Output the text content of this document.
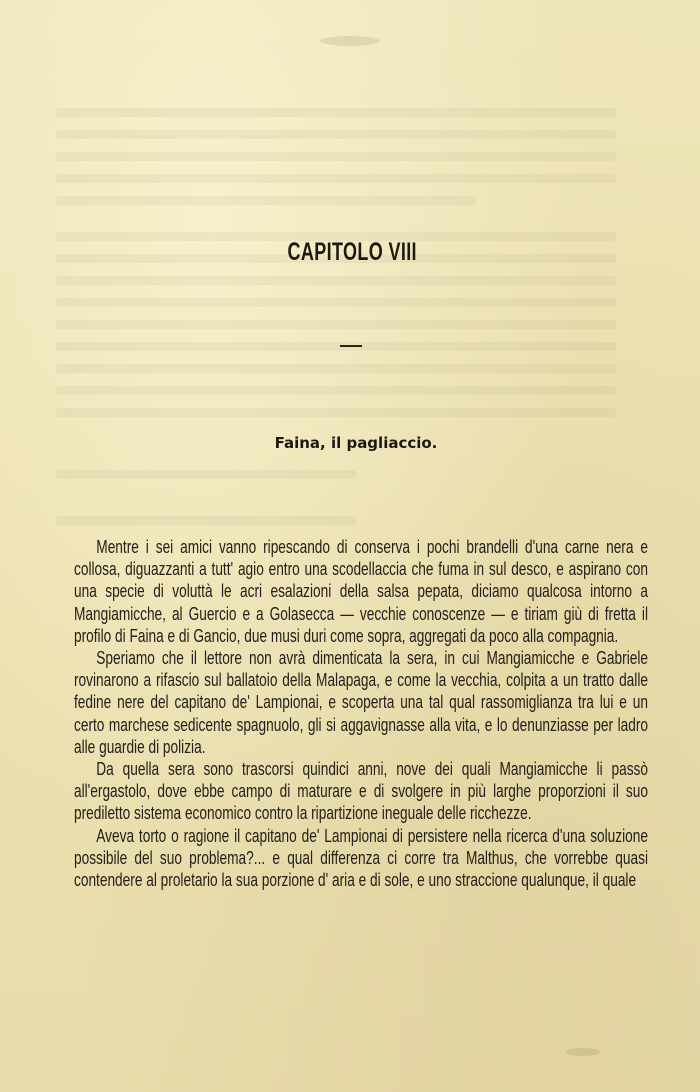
CAPITOLO VIII
Faina, il pagliaccio.

Mentre i sei amici vanno ripescando di conserva i pochi brandelli d'una carne nera e collosa, diguazzanti a tutt' agio entro una scodellaccia che fuma in sul desco, e aspirano con una specie di voluttà le acri esalazioni della salsa pepata, diciamo qualcosa intorno a Mangiamicche, al Guercio e a Golasecca — vecchie conoscenze — e tiriam giù di fretta il profilo di Faina e di Gancio, due musi duri come sopra, aggregati da poco alla compagnia.

Speriamo che il lettore non avrà dimenticata la sera, in cui Mangiamicche e Gabriele rovinarono a rifascio sul ballatoio della Malapaga, e come la vecchia, colpita a un tratto dalle fedine nere del capitano de' Lampionai, e scoperta una tal qual rassomiglianza tra lui e un certo marchese sedicente spagnuolo, gli si aggavignasse alla vita, e lo denunziasse per ladro alle guardie di polizia.

Da quella sera sono trascorsi quindici anni, nove dei quali Mangiamicche li passò all'ergastolo, dove ebbe campo di maturare e di svolgere in più larghe proporzioni il suo prediletto sistema economico contro la ripartizione ineguale delle ricchezze.

Aveva torto o ragione il capitano de' Lampionai di persistere nella ricerca d'una soluzione possibile del suo problema?... e qual differenza ci corre tra Malthus, che vorrebbe quasi contendere al proletario la sua porzione d' aria e di sole, e uno straccione qualunque, il quale
